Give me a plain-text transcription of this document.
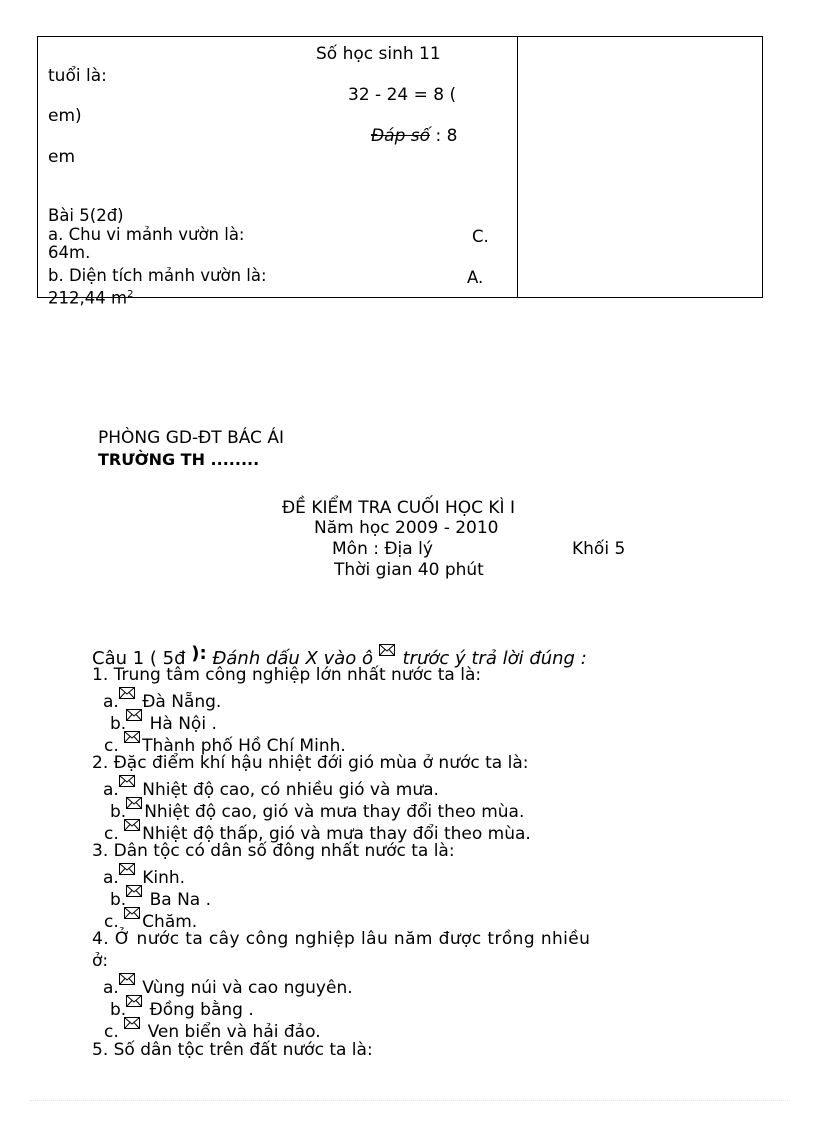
Số học sinh 11
tuổi là:
32 - 24 = 8 (
em)
Đáp số : 8
em
Bài 5(2đ)
a. Chu vi mảnh vườn là:	C.
64m.
b. Diện tích mảnh vườn là:	A.
212,44 $m^2$
PHÒNG GD-ĐT BÁC ÁI
TRƯỜNG TH ........
ĐỀ KIỂM TRA CUỐI HỌC KÌ I
Năm học 2009 - 2010
Môn : Địa lý	Khối 5
Thời gian 40 phút
Câu 1 ( 5đ ): Đánh dấu X vào ô trước ý trả lời đúng :
1. Trung tâm công nghiệp lớn nhất nước ta là:
a. Đà Nẵng.
b. Hà Nội .
c. Thành phố Hồ Chí Minh.
2. Đặc điểm khí hậu nhiệt đới gió mùa ở nước ta là:
a. Nhiệt độ cao, có nhiều gió và mưa.
b. Nhiệt độ cao, gió và mưa thay đổi theo mùa.
c. Nhiệt độ thấp, gió và mưa thay đổi theo mùa.
3. Dân tộc có dân số đông nhất nước ta là:
a. Kinh.
b. Ba Na .
c. Chăm.
4. Ở nước ta cây công nghiệp lâu năm được trồng nhiều
ở:
a. Vùng núi và cao nguyên.
b. Đồng bằng .
c. Ven biển và hải đảo.
5. Số dân tộc trên đất nước ta là:
